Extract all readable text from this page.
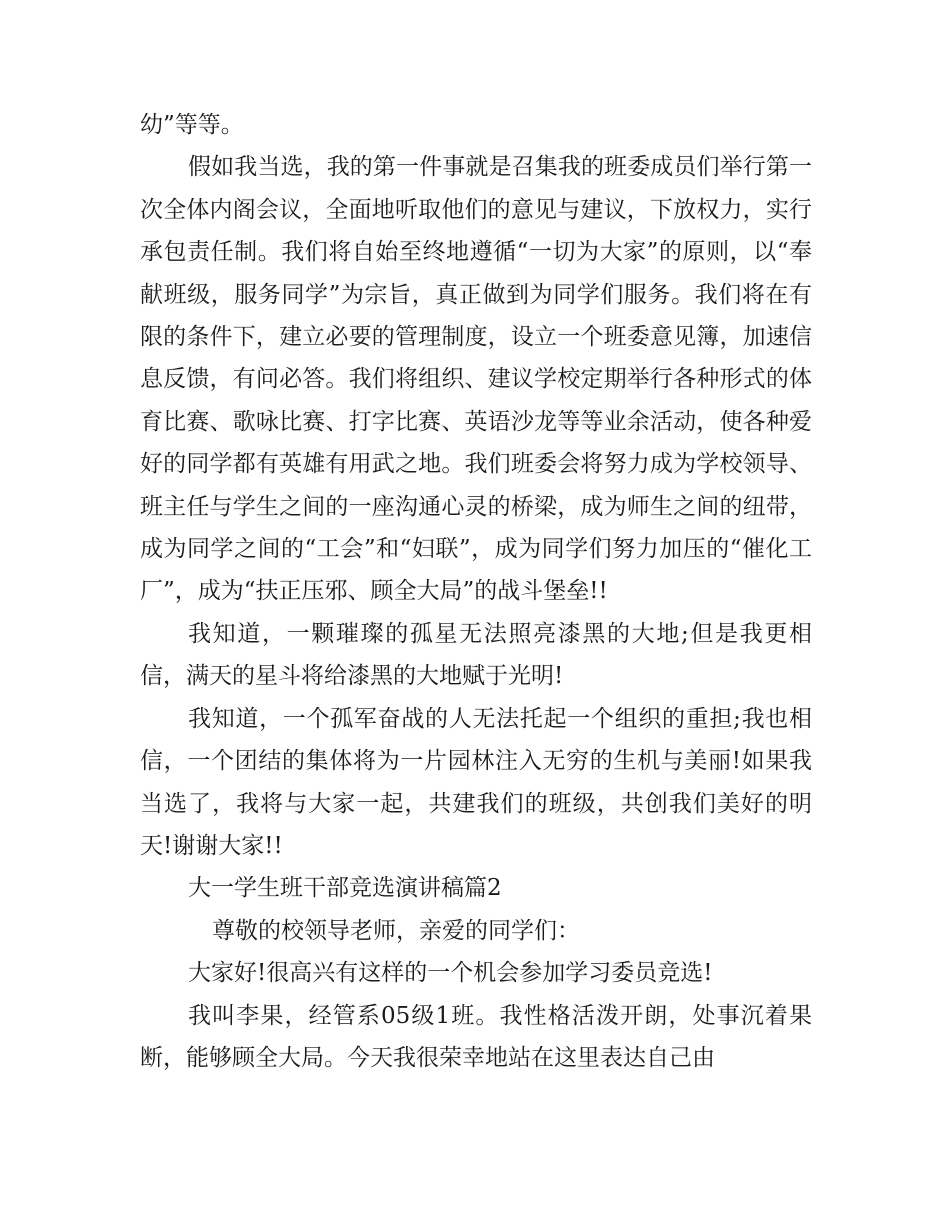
幼”等等。

假如我当选，我的第一件事就是召集我的班委成员们举行第一次全体内阁会议，全面地听取他们的意见与建议，下放权力，实行承包责任制。我们将自始至终地遵循“一切为大家”的原则，以“奉献班级，服务同学”为宗旨，真正做到为同学们服务。我们将在有限的条件下，建立必要的管理制度，设立一个班委意见簿，加速信息反馈，有问必答。我们将组织、建议学校定期举行各种形式的体育比赛、歌咏比赛、打字比赛、英语沙龙等等业余活动，使各种爱好的同学都有英雄有用武之地。我们班委会将努力成为学校领导、班主任与学生之间的一座沟通心灵的桥梁，成为师生之间的纽带，成为同学之间的“工会”和“妇联”，成为同学们努力加压的“催化工厂”，成为“扶正压邪、顾全大局”的战斗堡垒!!

我知道，一颗璀璨的孤星无法照亮漆黑的大地;但是我更相信，满天的星斗将给漆黑的大地赋于光明!

我知道，一个孤军奋战的人无法托起一个组织的重担;我也相信，一个团结的集体将为一片园林注入无穷的生机与美丽!如果我当选了，我将与大家一起，共建我们的班级，共创我们美好的明天!谢谢大家!!

大一学生班干部竞选演讲稿篇2

尊敬的校领导老师，亲爱的同学们：

大家好!很高兴有这样的一个机会参加学习委员竞选!

我叫李果，经管系05级1班。我性格活泼开朗，处事沉着果断，能够顾全大局。今天我很荣幸地站在这里表达自己由
